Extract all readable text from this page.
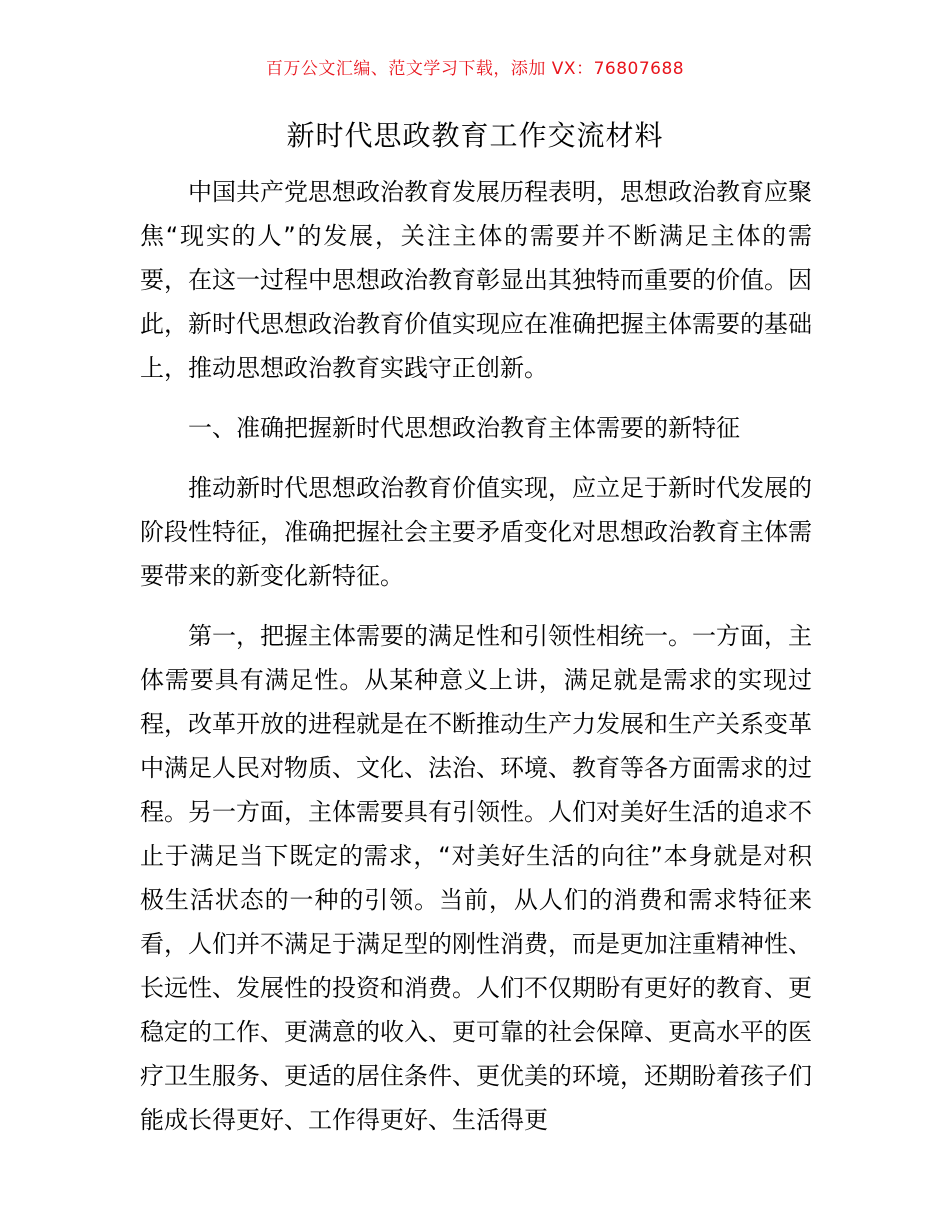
百万公文汇编、范文学习下载，添加 VX：76807688
新时代思政教育工作交流材料

中国共产党思想政治教育发展历程表明，思想政治教育应聚焦“现实的人”的发展，关注主体的需要并不断满足主体的需要，在这一过程中思想政治教育彰显出其独特而重要的价值。因此，新时代思想政治教育价值实现应在准确把握主体需要的基础上，推动思想政治教育实践守正创新。

一、准确把握新时代思想政治教育主体需要的新特征

推动新时代思想政治教育价值实现，应立足于新时代发展的阶段性特征，准确把握社会主要矛盾变化对思想政治教育主体需要带来的新变化新特征。

第一，把握主体需要的满足性和引领性相统一。一方面，主体需要具有满足性。从某种意义上讲，满足就是需求的实现过程，改革开放的进程就是在不断推动生产力发展和生产关系变革中满足人民对物质、文化、法治、环境、教育等各方面需求的过程。另一方面，主体需要具有引领性。人们对美好生活的追求不止于满足当下既定的需求，“对美好生活的向往”本身就是对积极生活状态的一种的引领。当前，从人们的消费和需求特征来看，人们并不满足于满足型的刚性消费，而是更加注重精神性、长远性、发展性的投资和消费。人们不仅期盼有更好的教育、更稳定的工作、更满意的收入、更可靠的社会保障、更高水平的医疗卫生服务、更适的居住条件、更优美的环境，还期盼着孩子们能成长得更好、工作得更好、生活得更
